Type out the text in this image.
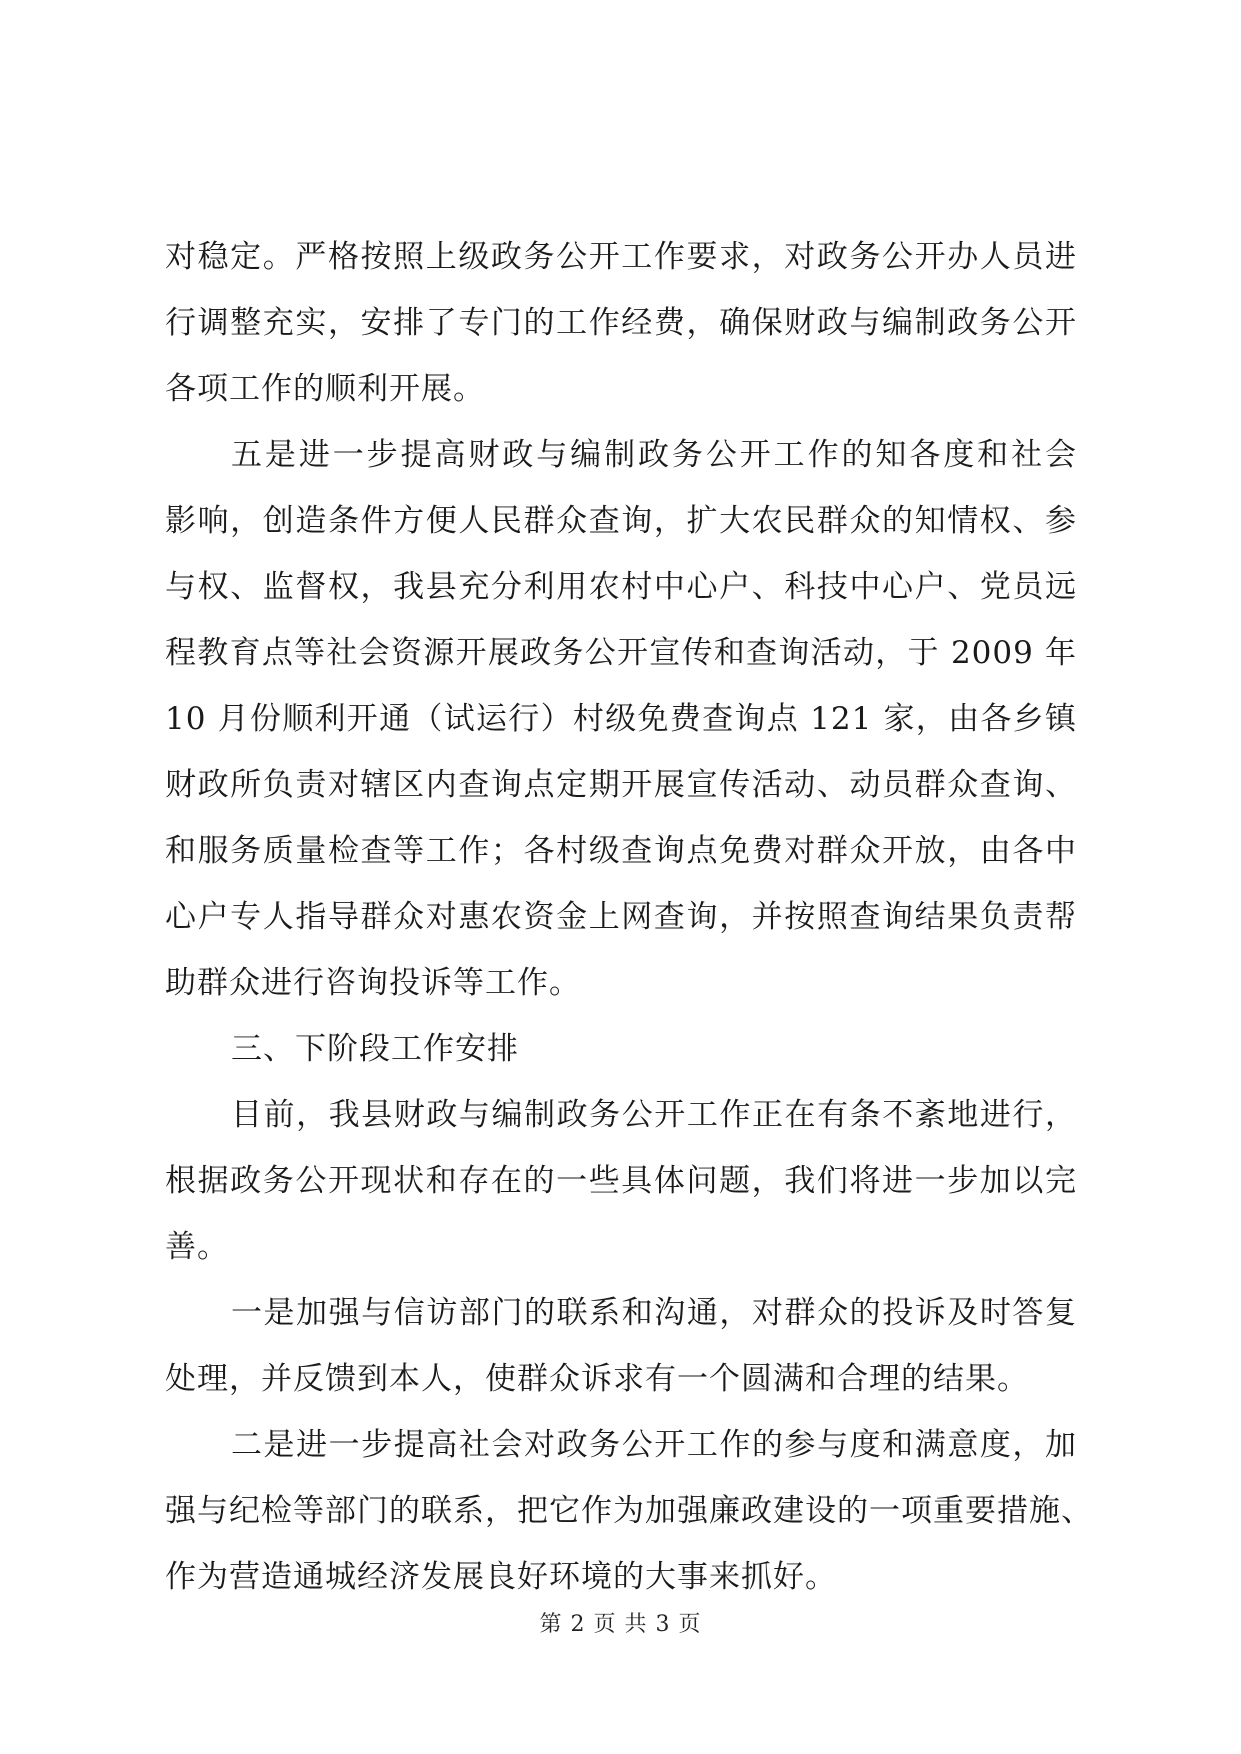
对稳定。严格按照上级政务公开工作要求，对政务公开办人员进
行调整充实，安排了专门的工作经费，确保财政与编制政务公开
各项工作的顺利开展。
五是进一步提高财政与编制政务公开工作的知各度和社会
影响，创造条件方便人民群众查询，扩大农民群众的知情权、参
与权、监督权，我县充分利用农村中心户、科技中心户、党员远
程教育点等社会资源开展政务公开宣传和查询活动，于 2009 年
10 月份顺利开通（试运行）村级免费查询点 121 家，由各乡镇
财政所负责对辖区内查询点定期开展宣传活动、动员群众查询、
和服务质量检查等工作；各村级查询点免费对群众开放，由各中
心户专人指导群众对惠农资金上网查询，并按照查询结果负责帮
助群众进行咨询投诉等工作。
三、下阶段工作安排
目前，我县财政与编制政务公开工作正在有条不紊地进行，
根据政务公开现状和存在的一些具体问题，我们将进一步加以完
善。
一是加强与信访部门的联系和沟通，对群众的投诉及时答复
处理，并反馈到本人，使群众诉求有一个圆满和合理的结果。
二是进一步提高社会对政务公开工作的参与度和满意度，加
强与纪检等部门的联系，把它作为加强廉政建设的一项重要措施、
作为营造通城经济发展良好环境的大事来抓好。
第 2 页 共 3 页
